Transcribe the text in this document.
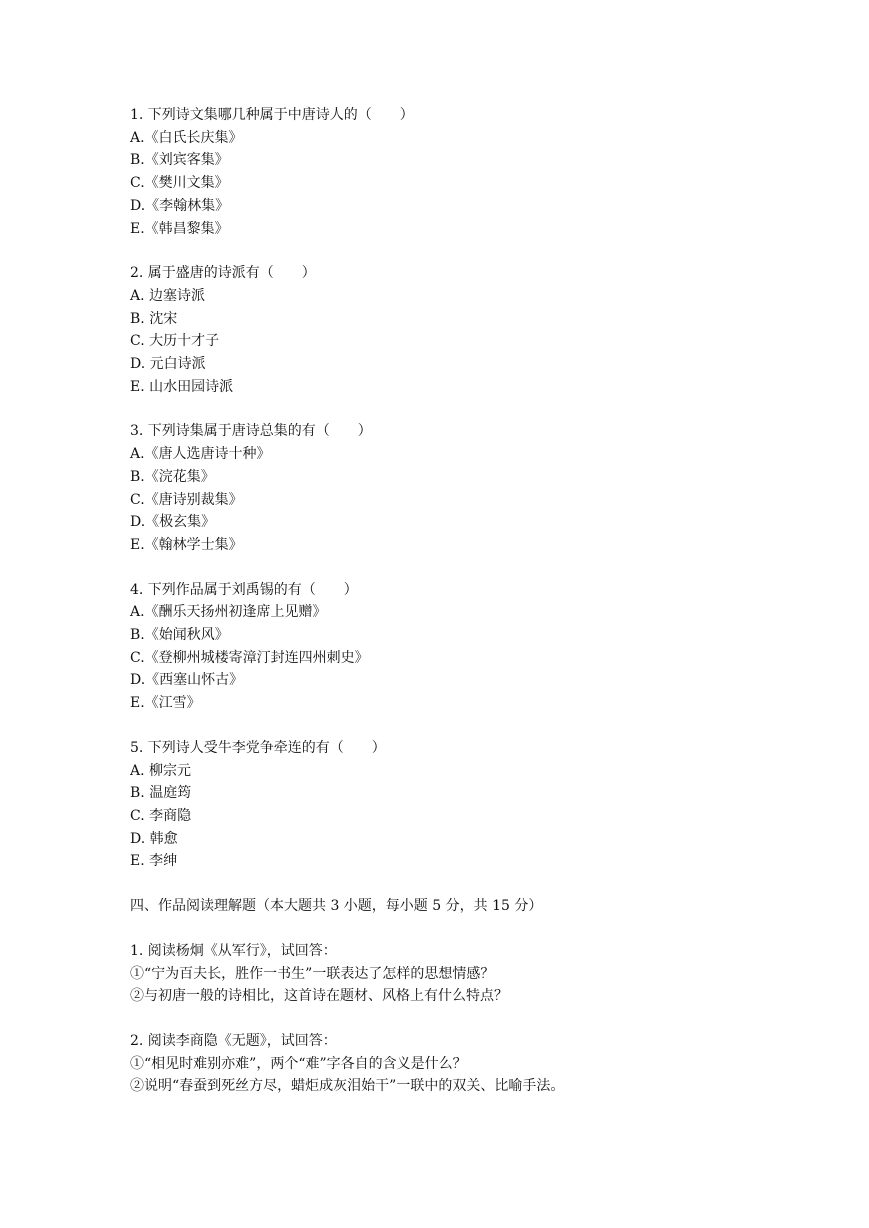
1. 下列诗文集哪几种属于中唐诗人的（　　）
A.《白氏长庆集》
B.《刘宾客集》
C.《樊川文集》
D.《李翰林集》
E.《韩昌黎集》
2. 属于盛唐的诗派有（　　）
A. 边塞诗派
B. 沈宋
C. 大历十才子
D. 元白诗派
E. 山水田园诗派
3. 下列诗集属于唐诗总集的有（　　）
A.《唐人选唐诗十种》
B.《浣花集》
C.《唐诗别裁集》
D.《极玄集》
E.《翰林学士集》
4. 下列作品属于刘禹锡的有（　　）
A.《酬乐天扬州初逢席上见赠》
B.《始闻秋风》
C.《登柳州城楼寄漳汀封连四州刺史》
D.《西塞山怀古》
E.《江雪》
5. 下列诗人受牛李党争牵连的有（　　）
A. 柳宗元
B. 温庭筠
C. 李商隐
D. 韩愈
E. 李绅
四、作品阅读理解题（本大题共 3 小题，每小题 5 分，共 15 分）
1. 阅读杨炯《从军行》，试回答：
①“宁为百夫长，胜作一书生”一联表达了怎样的思想情感？
②与初唐一般的诗相比，这首诗在题材、风格上有什么特点？
2. 阅读李商隐《无题》，试回答：
①“相见时难别亦难”，两个“难”字各自的含义是什么？
②说明“春蚕到死丝方尽，蜡炬成灰泪始干”一联中的双关、比喻手法。
